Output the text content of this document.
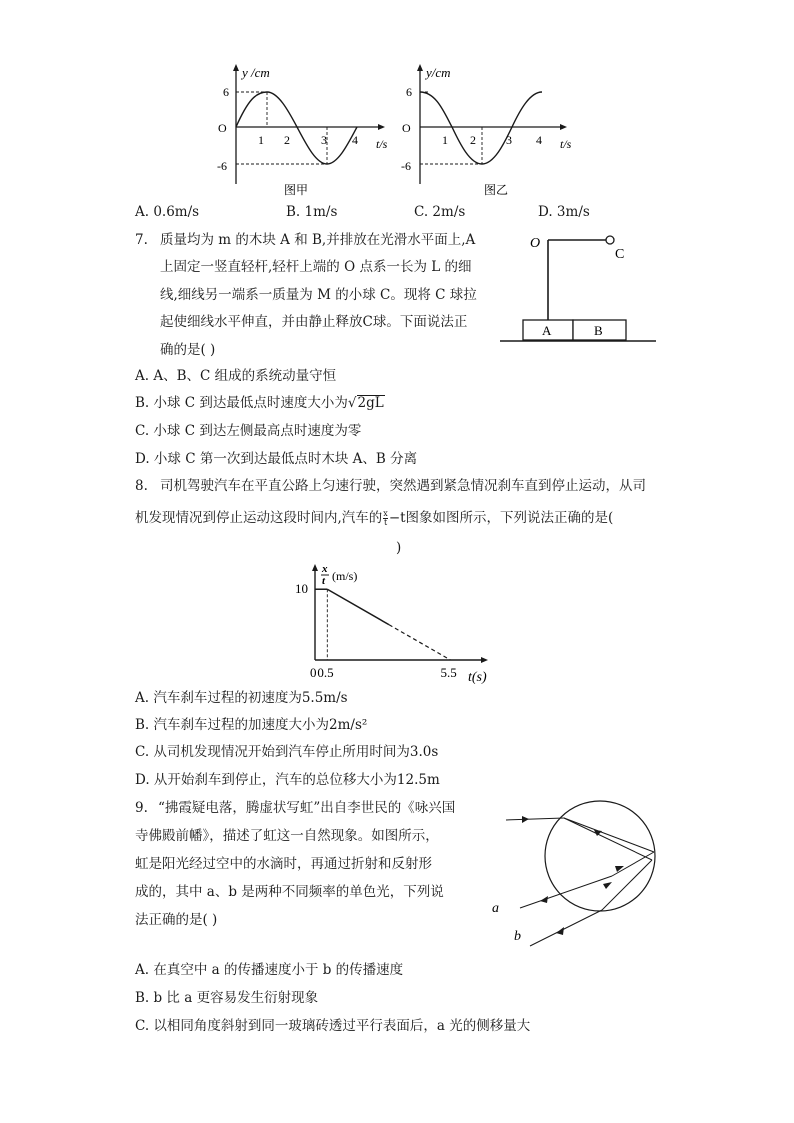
y /cm
6
O
-6
1 2	3 4 t/s
图甲
y/cm
6
O
-6
1 2	3 4 t/s
图乙
A. 0.6m/s	B. 1m/s	C. 2m/s	D. 3m/s
7. 质量均为 m 的木块 A 和 B,并排放在光滑水平面上,A
上固定一竖直轻杆,轻杆上端的 O 点系一长为 L 的细
线,细线另一端系一质量为 M 的小球 C。现将 C 球拉
起使细线水平伸直，并由静止释放C球。下面说法正
确的是( )
O
C
A	B
A. A、B、C 组成的系统动量守恒
B. 小球 C 到达最低点时速度大小为√2gL
C. 小球 C 到达左侧最高点时速度为零
D. 小球 C 第一次到达最低点时木块 A、B 分离
8. 司机驾驶汽车在平直公路上匀速行驶，突然遇到紧急情况刹车直到停止运动，从司
机发现情况到停止运动这段时间内,汽车的 $\frac{x}{t} -t$图象如图所示，下列说法正确的是(
)
x
t (m/s)
10
0 0.5	5.5 t(s)
A. 汽车刹车过程的初速度为5.5m/s
B. 汽车刹车过程的加速度大小为2m/s²
C. 从司机发现情况开始到汽车停止所用时间为3.0s
D. 从开始刹车到停止，汽车的总位移大小为12.5m
9. “拂霞疑电落，腾虚状写虹”出自李世民的《咏兴国
寺佛殿前幡》，描述了虹这一自然现象。如图所示，
虹是阳光经过空中的水滴时，再通过折射和反射形
成的，其中 a、b 是两种不同频率的单色光，下列说
法正确的是( )
a
b
A. 在真空中 a 的传播速度小于 b 的传播速度
B. b 比 a 更容易发生衍射现象
C. 以相同角度斜射到同一玻璃砖透过平行表面后，a 光的侧移量大
